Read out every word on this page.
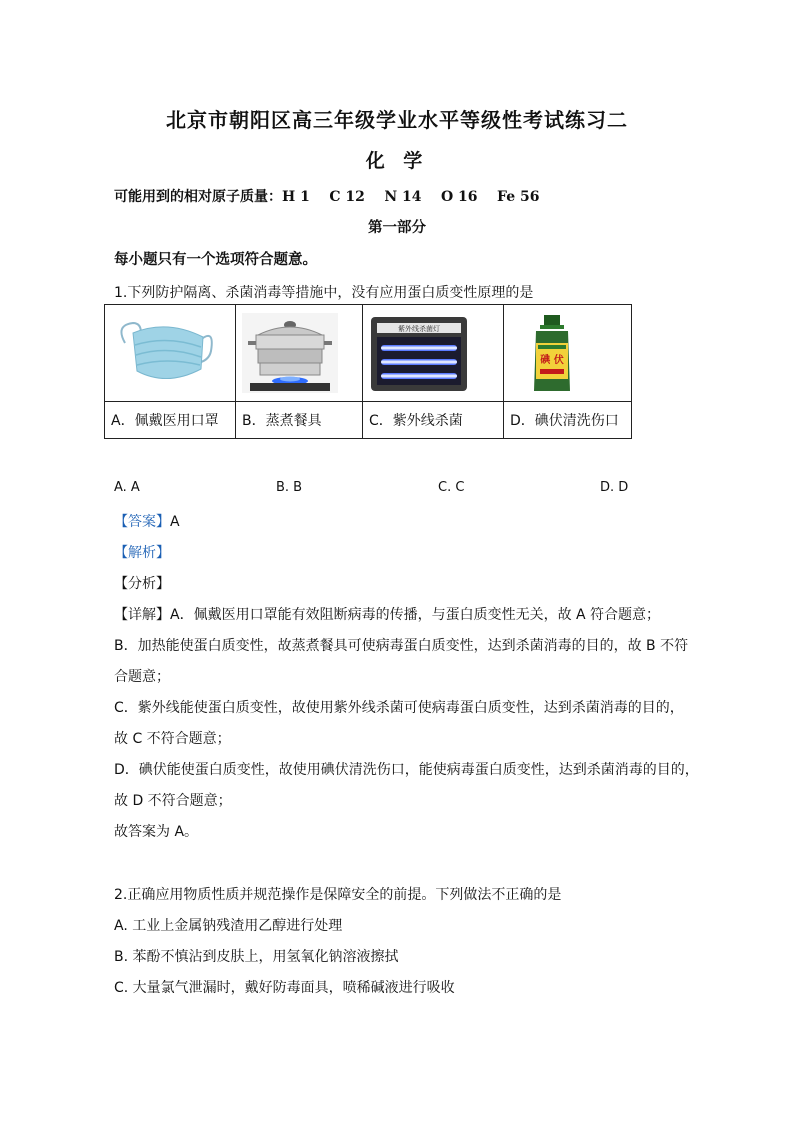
北京市朝阳区高三年级学业水平等级性考试练习二
化 学
可能用到的相对原子质量：H 1    C 12    N 14    O 16    Fe 56
第一部分
每小题只有一个选项符合题意。
1.下列防护隔离、杀菌消毒等措施中，没有应用蛋白质变性原理的是

紫外线杀菌灯	碘 伏

A．佩戴医用口罩	B．蒸煮餐具	C．紫外线杀菌	D．碘伏清洗伤口
A. A	B. B	C. C	D. D
【答案】A
【解析】
【分析】
【详解】A．佩戴医用口罩能有效阻断病毒的传播，与蛋白质变性无关，故 A 符合题意；
B．加热能使蛋白质变性，故蒸煮餐具可使病毒蛋白质变性，达到杀菌消毒的目的，故 B 不符
合题意；
C．紫外线能使蛋白质变性，故使用紫外线杀菌可使病毒蛋白质变性，达到杀菌消毒的目的，
故 C 不符合题意；
D．碘伏能使蛋白质变性，故使用碘伏清洗伤口，能使病毒蛋白质变性，达到杀菌消毒的目的，
故 D 不符合题意；
故答案为 A。
2.正确应用物质性质并规范操作是保障安全的前提。下列做法不正确的是
A. 工业上金属钠残渣用乙醇进行处理
B. 苯酚不慎沾到皮肤上，用氢氧化钠溶液擦拭
C. 大量氯气泄漏时，戴好防毒面具，喷稀碱液进行吸收
